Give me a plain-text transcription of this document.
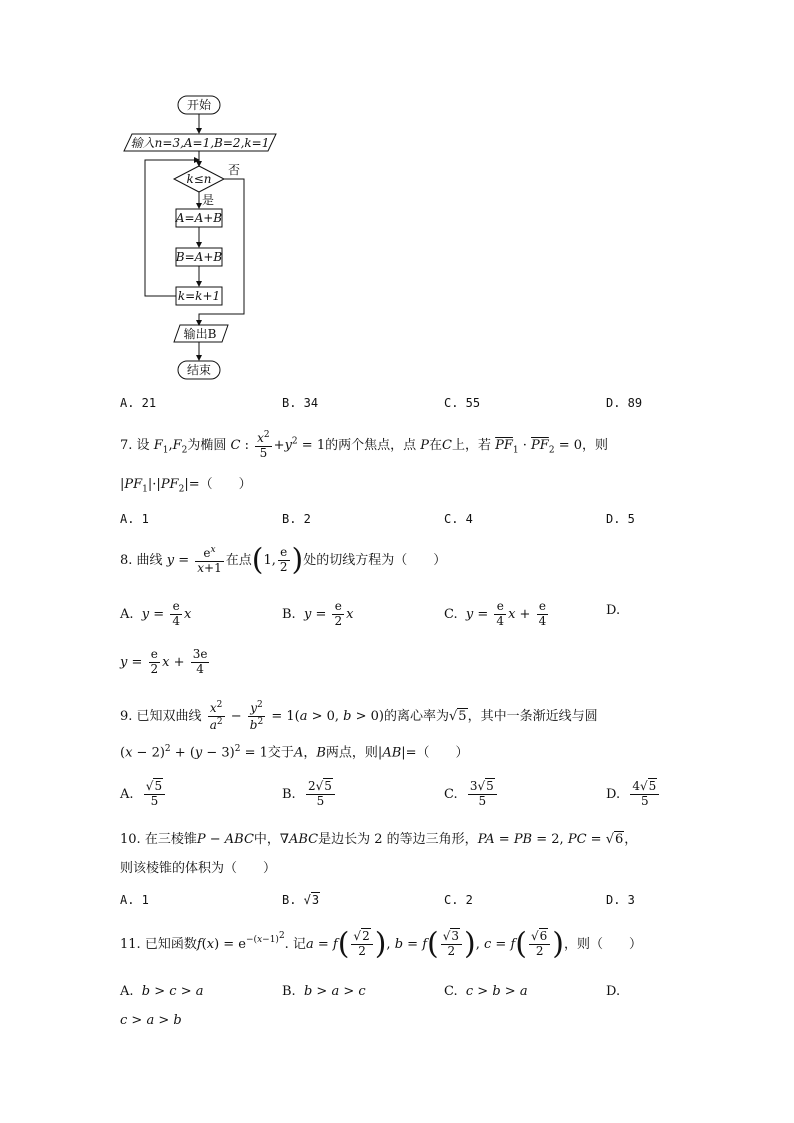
开始
输入n=3,A=1,B=2,k=1
k≤n
否
是
A=A+B
B=A+B
k=k+1
输出B
结束
A. 21	B. 34	C. 55	D. 89
7. 设 $F_1,F_2$为椭圆 C : $\frac{x^2}{5} +y^2 = 1$的两个焦点，点 P在C上，若 $\overline{PF}_1 \cdot \overline{PF}_2 = 0$，则
$|PF_1|\cdot|PF_2|=$（　　）
A. 1	B. 2	C. 4	D. 5
8. 曲线 $y = \frac{e^x}{x+1}$ 在点(1, $\frac{e}{2}$ )处的切线方程为（　　）
A. $y = \frac{e}{4}$ x	B. $y = \frac{e}{2}$ x	C. $y = \frac{e}{4}$ $x + \frac{e}{4}$	D.
$y = \frac{e}{2}$ $x + \frac{3e}{4}$
9. 已知双曲线 $\frac{x^2}{a^2} - \frac{y^2}{b^2} = 1(a > 0$, b > 0)的离心率为√5，其中一条渐近线与圆
$(x - 2)^2 + (y - 3)^2 = 1$交于A，B两点，则|AB|=（　　）
A. $\frac{√5}{5}$	B. $\frac{2√5}{5}$	C. $\frac{3√5}{5}$	D. $\frac{4√5}{5}$
10. 在三棱锥P − ABC中，∇ABC是边长为 2 的等边三角形，PA = PB = 2, PC = √6，
则该棱锥的体积为（　　）
A. 1	B. √3	C. 2	D. 3
11. 已知函数$f(x) = e^{-(x-1)^2}$. 记$a = f( \frac{√2}{2}$ ), $b = f( \frac{√3}{2}$ ), $c = f( \frac{√6}{2}$ )，则（　　）
A. b > c > a	B. b > a > c	C. c > b > a	D.
c > a > b
